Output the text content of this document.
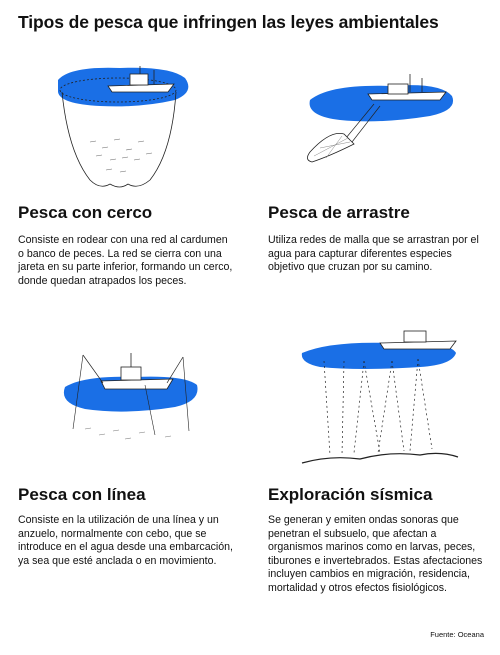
Tipos de pesca que infringen las leyes ambientales
Pesca con cerco
Consiste en rodear con una red al cardumen o banco de peces. La red se cierra con una jareta en su parte inferior, formando un cerco, donde quedan atrapados los peces.
Pesca de arrastre
Utiliza redes de malla que se arrastran por el agua para capturar diferentes especies objetivo que cruzan por su camino.
Pesca con línea
Consiste en la utilización de una línea y un anzuelo, normalmente con cebo, que se introduce en el agua desde una embarcación, ya sea que esté anclada o en movimiento.
Exploración sísmica
Se generan y emiten ondas sonoras que penetran el subsuelo, que afectan a organismos marinos como en larvas, peces, tiburones e invertebrados. Estas afectaciones incluyen cambios en migración, residencia, mortalidad y otros efectos fisiológicos.
Fuente: Oceana
